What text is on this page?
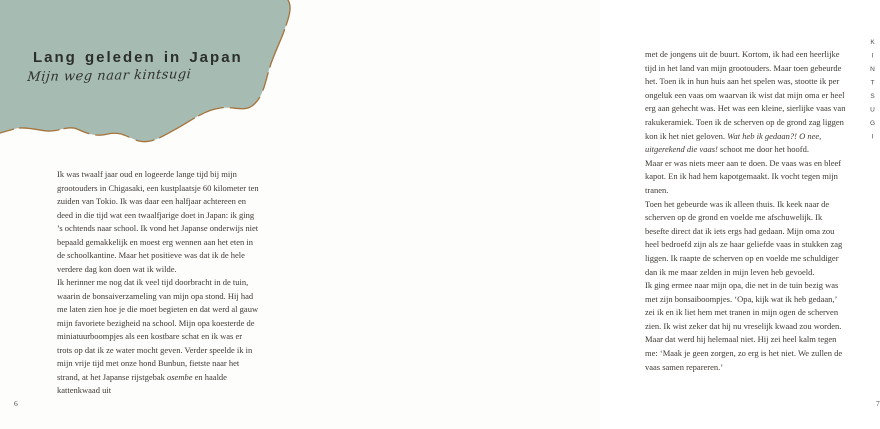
Lang geleden in Japan

Mijn weg naar kintsugi

Ik was twaalf jaar oud en logeerde lange tijd bij mijn grootouders in Chigasaki, een kustplaatsje 60 kilometer ten zuiden van Tokio. Ik was daar een halfjaar achtereen en deed in die tijd wat een twaalfjarige doet in Japan: ik ging ’s ochtends naar school. Ik vond het Japanse onderwijs niet bepaald gemakkelijk en moest erg wennen aan het eten in de schoolkantine. Maar het positieve was dat ik de hele verdere dag kon doen wat ik wilde.

Ik herinner me nog dat ik veel tijd doorbracht in de tuin, waarin de bonsaiverzameling van mijn opa stond. Hij had me laten zien hoe je die moet begieten en dat werd al gauw mijn favoriete bezigheid na school. Mijn opa koesterde de miniatuurboompjes als een kostbare schat en ik was er trots op dat ik ze water mocht geven. Verder speelde ik in mijn vrije tijd met onze hond Bunbun, fietste naar het strand, at het Japanse rijstgebak osembe en haalde kattenkwaad uit

6

met de jongens uit de buurt. Kortom, ik had een heerlijke tijd in het land van mijn grootouders. Maar toen gebeurde het. Toen ik in hun huis aan het spelen was, stootte ik per ongeluk een vaas om waarvan ik wist dat mijn oma er heel erg aan gehecht was. Het was een kleine, sierlijke vaas van rakukeramiek. Toen ik de scherven op de grond zag liggen kon ik het niet geloven. Wat heb ik gedaan?! O nee, uitgerekend die vaas! schoot me door het hoofd.

Maar er was niets meer aan te doen. De vaas was en bleef kapot. En ik had hem kapotgemaakt. Ik vocht tegen mijn tranen.

Toen het gebeurde was ik alleen thuis. Ik keek naar de scherven op de grond en voelde me afschuwelijk. Ik besefte direct dat ik iets ergs had gedaan. Mijn oma zou heel bedroefd zijn als ze haar geliefde vaas in stukken zag liggen. Ik raapte de scherven op en voelde me schuldiger dan ik me maar zelden in mijn leven heb gevoeld.

Ik ging ermee naar mijn opa, die net in de tuin bezig was met zijn bonsaiboompjes. ‘Opa, kijk wat ik heb gedaan,’ zei ik en ik liet hem met tranen in mijn ogen de scherven zien. Ik wist zeker dat hij nu vreselijk kwaad zou worden. Maar dat werd hij helemaal niet. Hij zei heel kalm tegen me: ‘Maak je geen zorgen, zo erg is het niet. We zullen de vaas samen repareren.’

KINTSUGI
7
